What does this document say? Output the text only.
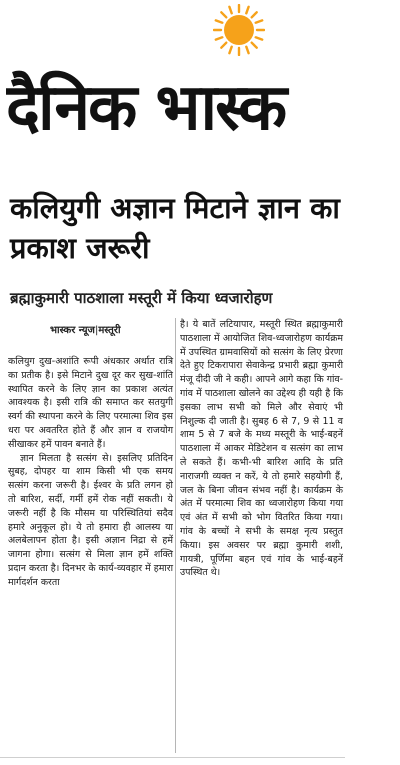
दैनिक भास्क
कलियुगी अज्ञान मिटाने ज्ञान का प्रकाश जरूरी
ब्रह्माकुमारी पाठशाला मस्तूरी में किया ध्वजारोहण
भास्कर न्यूज|मस्तूरी

कलियुग दुख-अशांति रूपी अंधकार अर्थात रात्रि का प्रतीक है। इसे मिटाने दुख दूर कर सुख-शांति स्थापित करने के लिए ज्ञान का प्रकाश अत्यंत आवश्यक है। इसी रात्रि की समाप्त कर सतयुगी स्वर्ग की स्थापना करने के लिए परमात्मा शिव इस धरा पर अवतरित होते हैं और ज्ञान व राजयोग सीखाकर हमें पावन बनाते हैं।

ज्ञान मिलता है सत्संग से। इसलिए प्रतिदिन सुबह, दोपहर या शाम किसी भी एक समय सत्संग करना जरूरी है। ईश्वर के प्रति लगन हो तो बारिश, सर्दी, गर्मी हमें रोक नहीं सकती। ये जरूरी नहीं है कि मौसम या परिस्थितियां सदैव हमारे अनुकूल हो। ये तो हमारा ही आलस्य या अलबेलापन होता है। इसी अज्ञान निद्रा से हमें जागना होगा। सत्संग से मिला ज्ञान हमें शक्ति प्रदान करता है। दिनभर के कार्य-व्यवहार में हमारा मार्गदर्शन करता

है। ये बातें लटियापार, मस्तूरी स्थित ब्रह्माकुमारी पाठशाला में आयोजित शिव-ध्वजारोहण कार्यक्रम में उपस्थित ग्रामवासियों को सत्संग के लिए प्रेरणा देते हुए टिकरापारा सेवाकेन्द्र प्रभारी ब्रह्मा कुमारी मंजू दीदी जी ने कही। आपने आगे कहा कि गांव-गांव में पाठशाला खोलने का उद्देश्य ही यही है कि इसका लाभ सभी को मिले और सेवाएं भी निशुल्क दी जाती है। सुबह 6 से 7, 9 से 11 व शाम 5 से 7 बजे के मध्य मस्तूरी के भाई-बहनें पाठशाला में आकर मेडिटेशन व सत्संग का लाभ ले सकते हैं। कभी-भी बारिश आदि के प्रति नाराजगी व्यक्त न करें, ये तो हमारे सहयोगी हैं, जल के बिना जीवन संभव नहीं है। कार्यक्रम के अंत में परमात्मा शिव का ध्वजारोहण किया गया एवं अंत में सभी को भोग वितरित किया गया। गांव के बच्चों ने सभी के समक्ष नृत्य प्रस्तुत किया। इस अवसर पर ब्रह्मा कुमारी शशी, गायत्री, पूर्णिमा बहन एवं गांव के भाई-बहनें उपस्थित थे।
